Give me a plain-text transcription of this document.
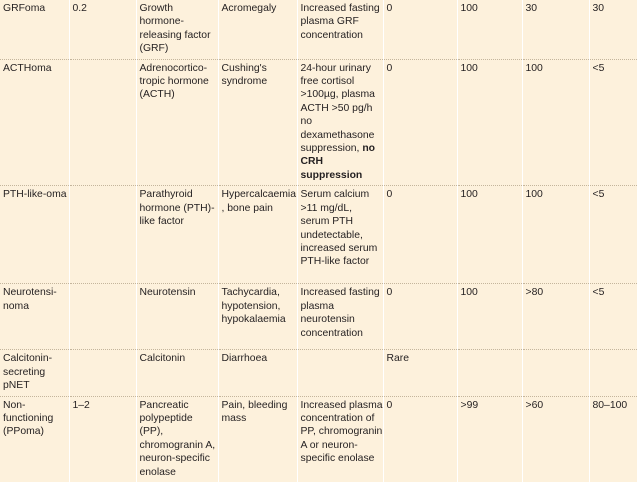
GRFoma	0.2	Growth hormone-releasing factor (GRF)	Acromegaly	Increased fasting plasma GRF concentration	0	100	30	30
ACTHoma		Adrenocortico-tropic hormone (ACTH)	Cushing's syndrome	24-hour urinary free cortisol >100µg, plasma ACTH >50 pg/h no dexamethasone suppression, no CRH suppression	0	100	100	<5
PTH-like-oma		Parathyroid hormone (PTH)-like factor	Hypercalcaemia, bone pain	Serum calcium >11 mg/dL, serum PTH undetectable, increased serum PTH-like factor	0	100	100	<5
Neurotensi-noma		Neurotensin	Tachycardia, hypotension, hypokalaemia	Increased fasting plasma neurotensin concentration	0	100	>80	<5
Calcitonin-secreting pNET		Calcitonin	Diarrhoea		Rare			
Non-functioning (PPoma)	1–2	Pancreatic polypeptide (PP), chromogranin A, neuron-specific enolase	Pain, bleeding mass	Increased plasma concentration of PP, chromogranin A or neuron-specific enolase	0	>99	>60	80–100
